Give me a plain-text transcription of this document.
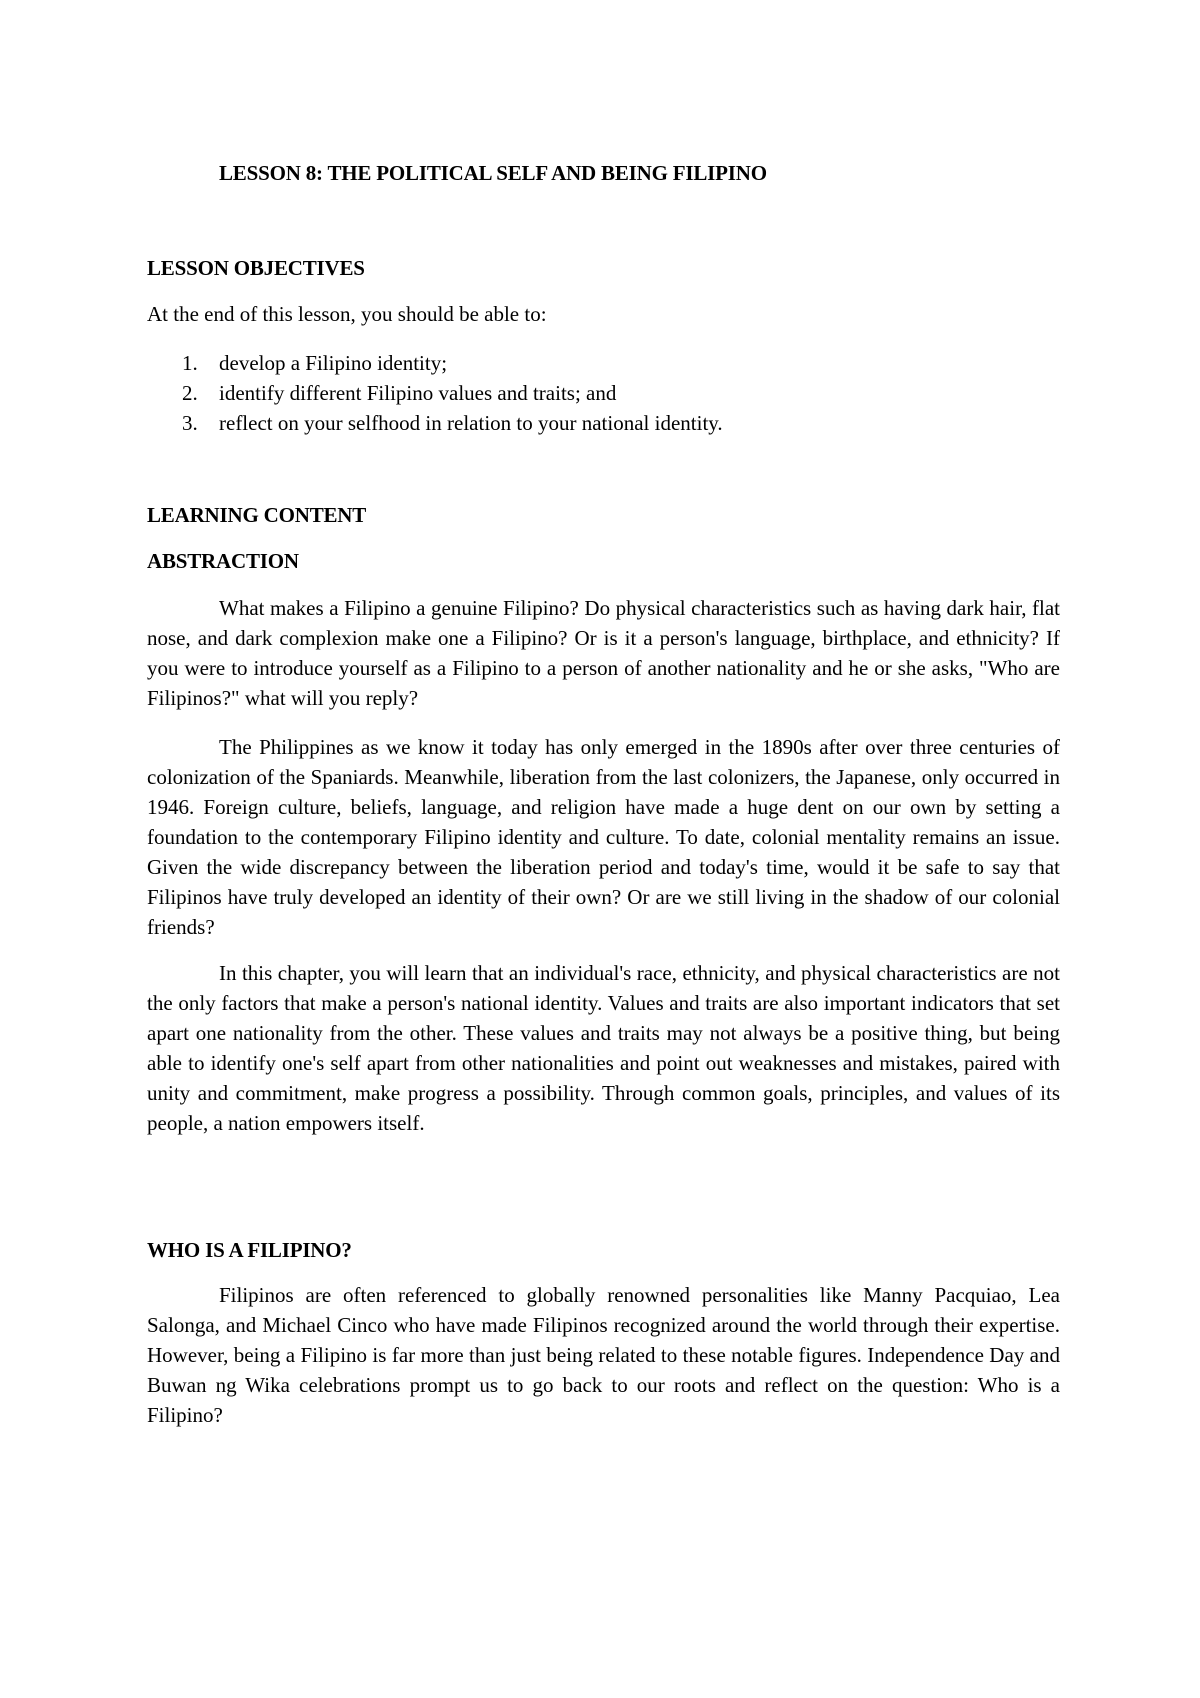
LESSON 8: THE POLITICAL SELF AND BEING FILIPINO
LESSON OBJECTIVES

At the end of this lesson, you should be able to:

1. develop a Filipino identity;
2. identify different Filipino values and traits; and
3. reflect on your selfhood in relation to your national identity.
LEARNING CONTENT
ABSTRACTION

What makes a Filipino a genuine Filipino? Do physical characteristics such as having dark hair, flat nose, and dark complexion make one a Filipino? Or is it a person's language, birthplace, and ethnicity? If you were to introduce yourself as a Filipino to a person of another nationality and he or she asks, "Who are Filipinos?" what will you reply?

The Philippines as we know it today has only emerged in the 1890s after over three centuries of colonization of the Spaniards. Meanwhile, liberation from the last colonizers, the Japanese, only occurred in 1946. Foreign culture, beliefs, language, and religion have made a huge dent on our own by setting a foundation to the contemporary Filipino identity and culture. To date, colonial mentality remains an issue. Given the wide discrepancy between the liberation period and today's time, would it be safe to say that Filipinos have truly developed an identity of their own? Or are we still living in the shadow of our colonial friends?

In this chapter, you will learn that an individual's race, ethnicity, and physical characteristics are not the only factors that make a person's national identity. Values and traits are also important indicators that set apart one nationality from the other. These values and traits may not always be a positive thing, but being able to identify one's self apart from other nationalities and point out weaknesses and mistakes, paired with unity and commitment, make progress a possibility. Through common goals, principles, and values of its people, a nation empowers itself.

WHO IS A FILIPINO?

Filipinos are often referenced to globally renowned personalities like Manny Pacquiao, Lea Salonga, and Michael Cinco who have made Filipinos recognized around the world through their expertise. However, being a Filipino is far more than just being related to these notable figures. Independence Day and Buwan ng Wika celebrations prompt us to go back to our roots and reflect on the question: Who is a Filipino?
